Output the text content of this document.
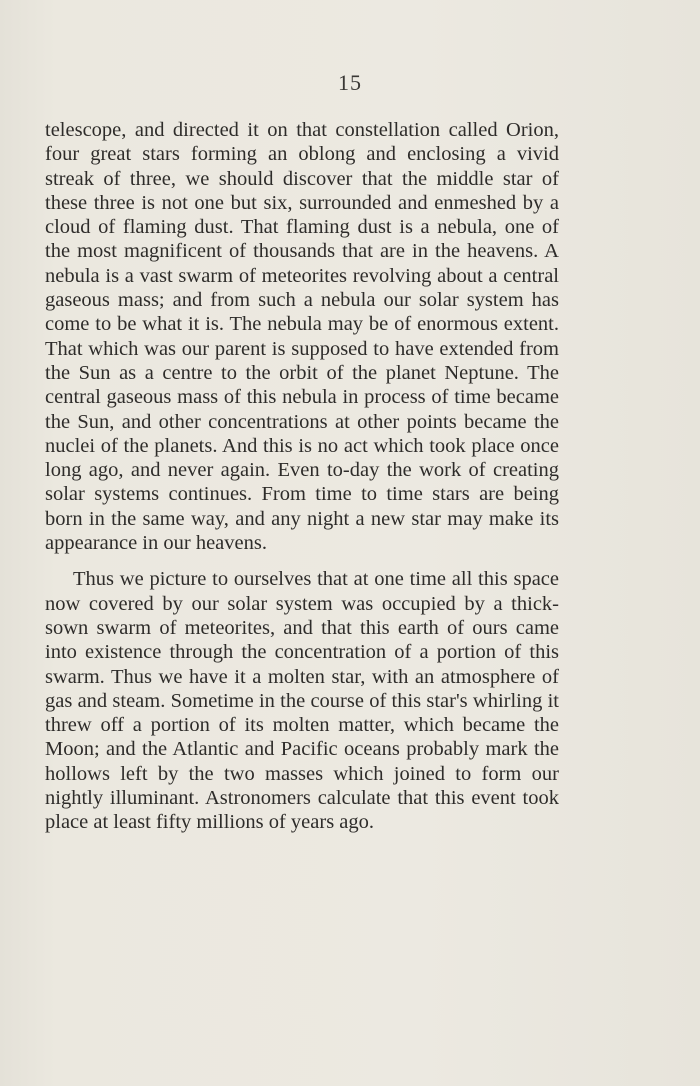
15

telescope, and directed it on that constellation called Orion, four great stars forming an oblong and enclosing a vivid streak of three, we should discover that the middle star of these three is not one but six, surrounded and enmeshed by a cloud of flaming dust. That flaming dust is a nebula, one of the most magnificent of thousands that are in the heavens. A nebula is a vast swarm of meteorites revolving about a central gaseous mass; and from such a nebula our solar system has come to be what it is. The nebula may be of enormous extent. That which was our parent is supposed to have extended from the Sun as a centre to the orbit of the planet Neptune. The central gaseous mass of this nebula in process of time became the Sun, and other concentrations at other points became the nuclei of the planets. And this is no act which took place once long ago, and never again. Even to-day the work of creating solar systems continues. From time to time stars are being born in the same way, and any night a new star may make its appearance in our heavens.

Thus we picture to ourselves that at one time all this space now covered by our solar system was occupied by a thick-sown swarm of meteorites, and that this earth of ours came into existence through the concentration of a portion of this swarm. Thus we have it a molten star, with an atmosphere of gas and steam. Sometime in the course of this star's whirling it threw off a portion of its molten matter, which became the Moon; and the Atlantic and Pacific oceans probably mark the hollows left by the two masses which joined to form our nightly illuminant. Astronomers calculate that this event took place at least fifty millions of years ago.
